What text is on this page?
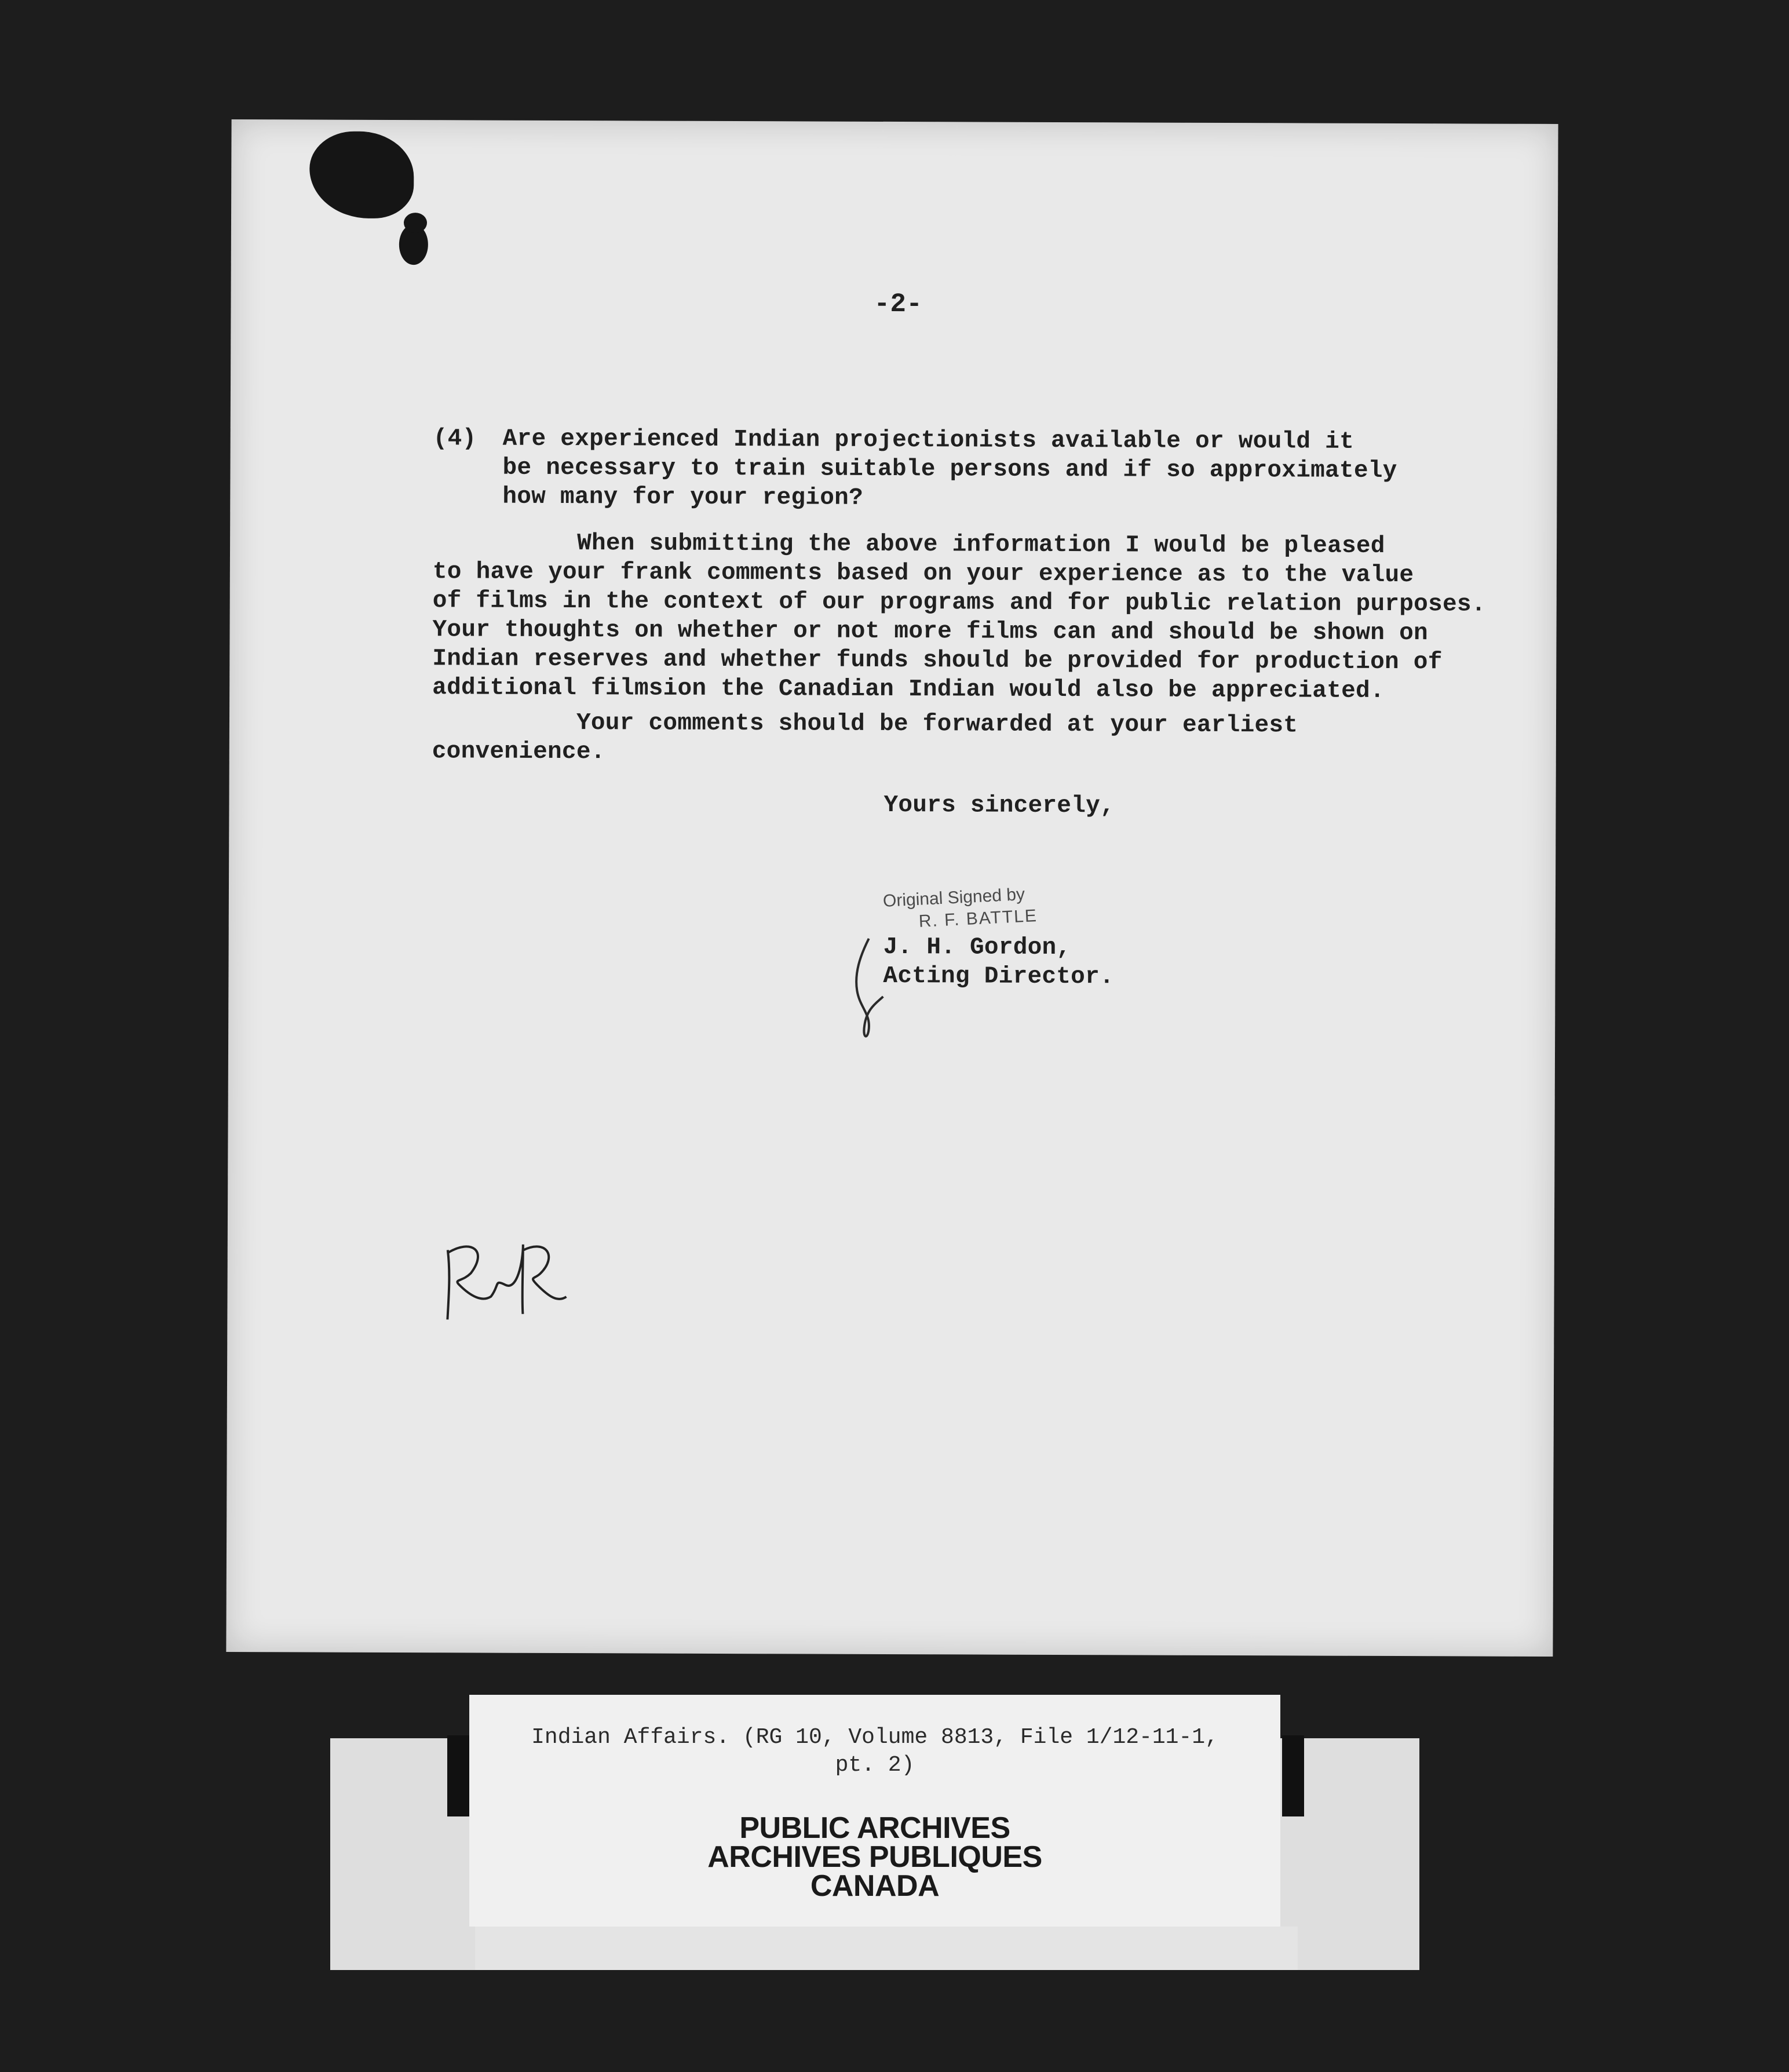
-2-
(4) Are experienced Indian projectionists available or would it
be necessary to train suitable persons and if so approximately
how many for your region?
When submitting the above information I would be pleased
to have your frank comments based on your experience as to the value
of films in the context of our programs and for public relation purposes.
Your thoughts on whether or not more films can and should be shown on
Indian reserves and whether funds should be provided for production of
additional filmsion the Canadian Indian would also be appreciated.
Your comments should be forwarded at your earliest
convenience.
Yours sincerely,
Original Signed by
R. F. BATTLE
J. H. Gordon,
Acting Director.
Indian Affairs. (RG 10, Volume 8813, File 1/12-11-1,
pt. 2)
PUBLIC ARCHIVES
ARCHIVES PUBLIQUES
CANADA
